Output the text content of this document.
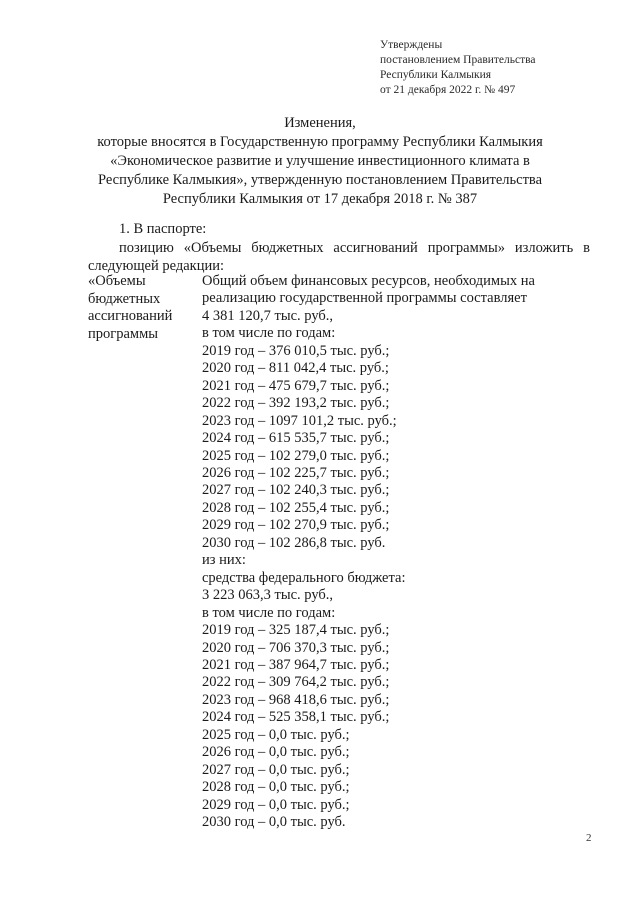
Утверждены
постановлением Правительства
Республики Калмыкия
от 21 декабря 2022 г. № 497
Изменения,
которые вносятся в Государственную программу Республики Калмыкия
«Экономическое развитие и улучшение инвестиционного климата в
Республике Калмыкия», утвержденную постановлением Правительства
Республики Калмыкия от 17 декабря 2018 г. № 387
1. В паспорте:
позицию «Объемы бюджетных ассигнований программы» изложить в
следующей редакции:
«Объемы
бюджетных
ассигнований
программы
Общий объем финансовых ресурсов, необходимых на
реализацию государственной программы составляет
4 381 120,7 тыс. руб.,
в том числе по годам:
2019 год – 376 010,5 тыс. руб.;
2020 год – 811 042,4 тыс. руб.;
2021 год – 475 679,7 тыс. руб.;
2022 год – 392 193,2 тыс. руб.;
2023 год – 1097 101,2 тыс. руб.;
2024 год – 615 535,7 тыс. руб.;
2025 год – 102 279,0 тыс. руб.;
2026 год – 102 225,7 тыс. руб.;
2027 год – 102 240,3 тыс. руб.;
2028 год – 102 255,4 тыс. руб.;
2029 год – 102 270,9 тыс. руб.;
2030 год – 102 286,8 тыс. руб.
из них:
средства федерального бюджета:
3 223 063,3 тыс. руб.,
в том числе по годам:
2019 год – 325 187,4 тыс. руб.;
2020 год – 706 370,3 тыс. руб.;
2021 год – 387 964,7 тыс. руб.;
2022 год – 309 764,2 тыс. руб.;
2023 год – 968 418,6 тыс. руб.;
2024 год – 525 358,1 тыс. руб.;
2025 год – 0,0 тыс. руб.;
2026 год – 0,0 тыс. руб.;
2027 год – 0,0 тыс. руб.;
2028 год – 0,0 тыс. руб.;
2029 год – 0,0 тыс. руб.;
2030 год – 0,0 тыс. руб.
2
